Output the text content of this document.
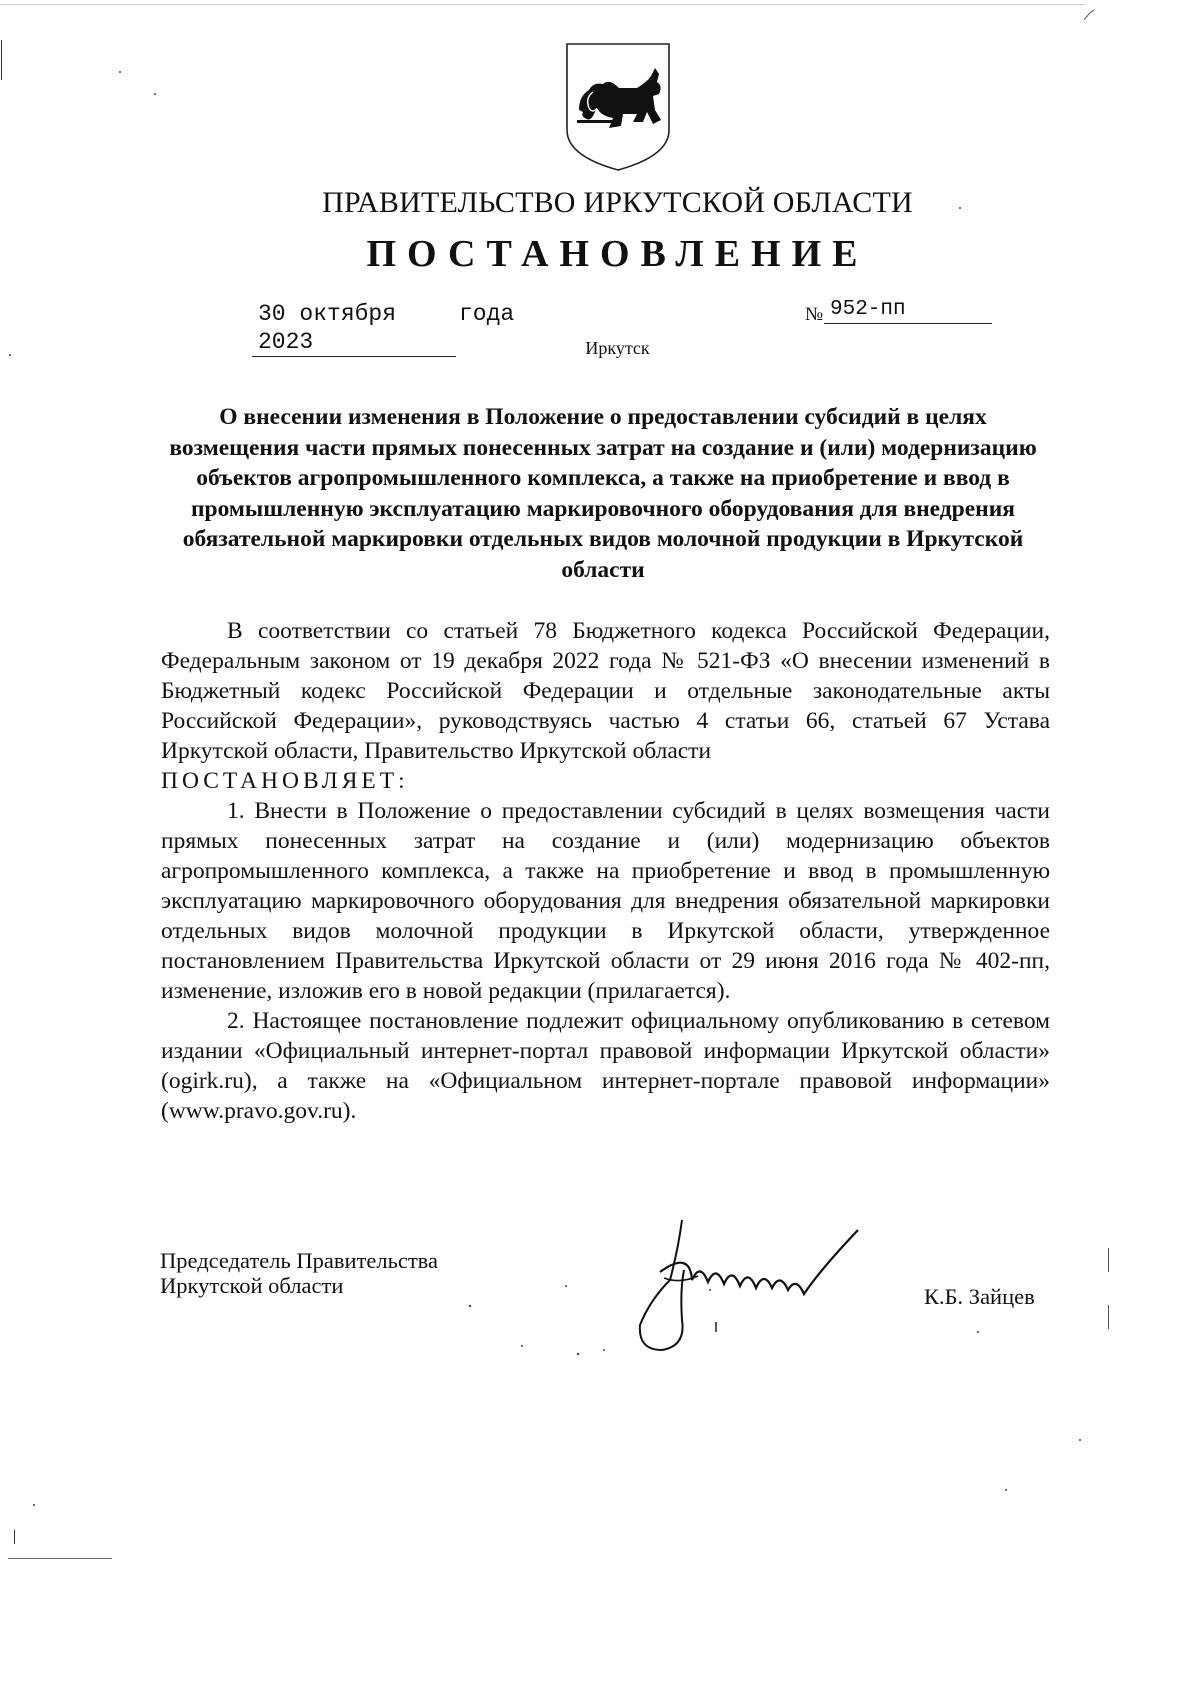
ПРАВИТЕЛЬСТВО ИРКУТСКОЙ ОБЛАСТИ
ПОСТАНОВЛЕНИЕ
30 октября 2023
года	№ 952-пп
Иркутск
О внесении изменения в Положение о предоставлении субсидий в целях возмещения части прямых понесенных затрат на создание и (или) модернизацию объектов агропромышленного комплекса, а также на приобретение и ввод в промышленную эксплуатацию маркировочного оборудования для внедрения обязательной маркировки отдельных видов молочной продукции в Иркутской области

В соответствии со статьей 78 Бюджетного кодекса Российской Федерации, Федеральным законом от 19 декабря 2022 года № 521-ФЗ «О внесении изменений в Бюджетный кодекс Российской Федерации и отдельные законодательные акты Российской Федерации», руководствуясь частью 4 статьи 66, статьей 67 Устава Иркутской области, Правительство Иркутской области

ПОСТАНОВЛЯЕТ:

1. Внести в Положение о предоставлении субсидий в целях возмещения части прямых понесенных затрат на создание и (или) модернизацию объектов агропромышленного комплекса, а также на приобретение и ввод в промышленную эксплуатацию маркировочного оборудования для внедрения обязательной маркировки отдельных видов молочной продукции в Иркутской области, утвержденное постановлением Правительства Иркутской области от 29 июня 2016 года № 402-пп, изменение, изложив его в новой редакции (прилагается).

2. Настоящее постановление подлежит официальному опубликованию в сетевом издании «Официальный интернет-портал правовой информации Иркутской области» (ogirk.ru), а также на «Официальном интернет-портале правовой информации» (www.pravo.gov.ru).

Председатель Правительства
Иркутской области	К.Б. Зайцев
